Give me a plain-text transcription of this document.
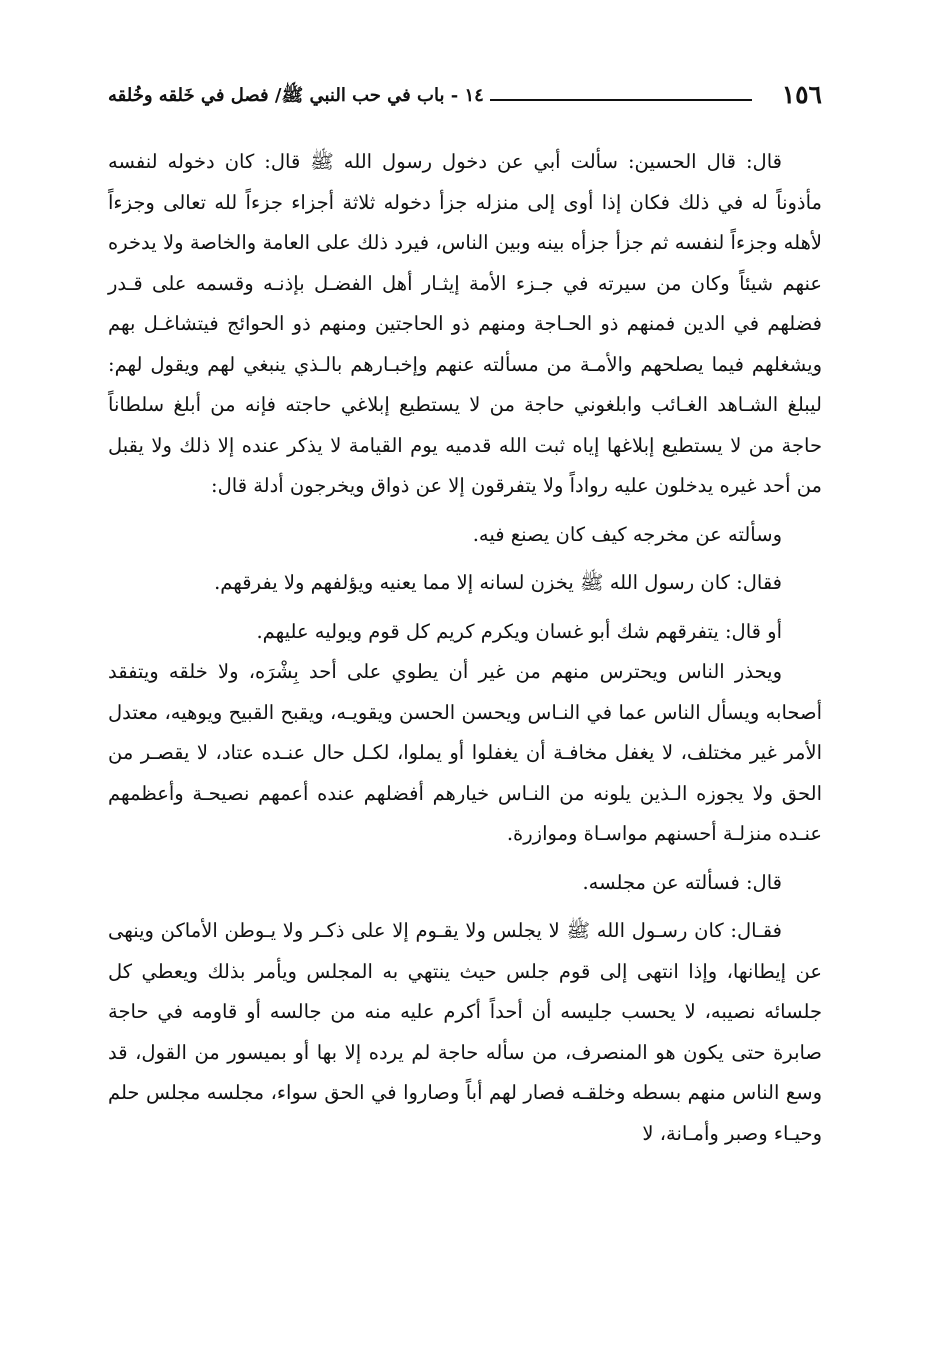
١٥٦
١٤ - باب في حب النبي ﷺ/ فصل في خَلقه وخُلقه

قال: قال الحسين: سألت أبي عن دخول رسول الله ﷺ قال: كان دخوله لنفسه مأذوناً له في ذلك فكان إذا أوى إلى منزله جزأ دخوله ثلاثة أجزاء جزءاً لله تعالى وجزءاً لأهله وجزءاً لنفسه ثم جزأ جزأه بينه وبين الناس، فيرد ذلك على العامة والخاصة ولا يدخره عنهم شيئاً وكان من سيرته في جـزء الأمة إيثـار أهل الفضـل بإذنـه وقسمه على قـدر فضلهم في الدين فمنهم ذو الحـاجة ومنهم ذو الحاجتين ومنهم ذو الحوائج فيتشاغـل بهم ويشغلهم فيما يصلحهم والأمـة من مسألته عنهم وإخبـارهم بالـذي ينبغي لهم ويقول لهم: ليبلغ الشـاهد الغـائب وابلغوني حاجة من لا يستطيع إبلاغي حاجته فإنه من أبلغ سلطاناً حاجة من لا يستطيع إبلاغها إياه ثبت الله قدميه يوم القيامة لا يذكر عنده إلا ذلك ولا يقبل من أحد غيره يدخلون عليه رواداً ولا يتفرقون إلا عن ذواق ويخرجون أدلة قال:

وسألته عن مخرجه كيف كان يصنع فيه.

فقال: كان رسول الله ﷺ يخزن لسانه إلا مما يعنيه ويؤلفهم ولا يفرقهم.

أو قال: يتفرقهم شك أبو غسان ويكرم كريم كل قوم ويوليه عليهم.

ويحذر الناس ويحترس منهم من غير أن يطوي على أحد بِشْرَه، ولا خلقه ويتفقد أصحابه ويسأل الناس عما في النـاس ويحسن الحسن ويقويـه، ويقبح القبيح ويوهيه، معتدل الأمر غير مختلف، لا يغفل مخافـة أن يغفلوا أو يملوا، لكـل حال عنـده عتاد، لا يقصـر من الحق ولا يجوزه الـذين يلونه من النـاس خيارهم أفضلهم عنده أعمهم نصيحـة وأعظمهم عنـده منزلـة أحسنهم مواسـاة وموازرة.

قال: فسألته عن مجلسه.

فقـال: كان رسـول الله ﷺ لا يجلس ولا يقـوم إلا على ذكـر ولا يـوطن الأماكن وينهى عن إيطانها، وإذا انتهى إلى قوم جلس حيث ينتهي به المجلس ويأمر بذلك ويعطي كل جلسائه نصيبه، لا يحسب جليسه أن أحداً أكرم عليه منه من جالسه أو قاومه في حاجة صابرة حتى يكون هو المنصرف، من سأله حاجة لم يرده إلا بها أو بميسور من القول، قد وسع الناس منهم بسطه وخلقـه فصار لهم أباً وصاروا في الحق سواء، مجلسه مجلس حلم وحيـاء وصبر وأمـانة، لا
